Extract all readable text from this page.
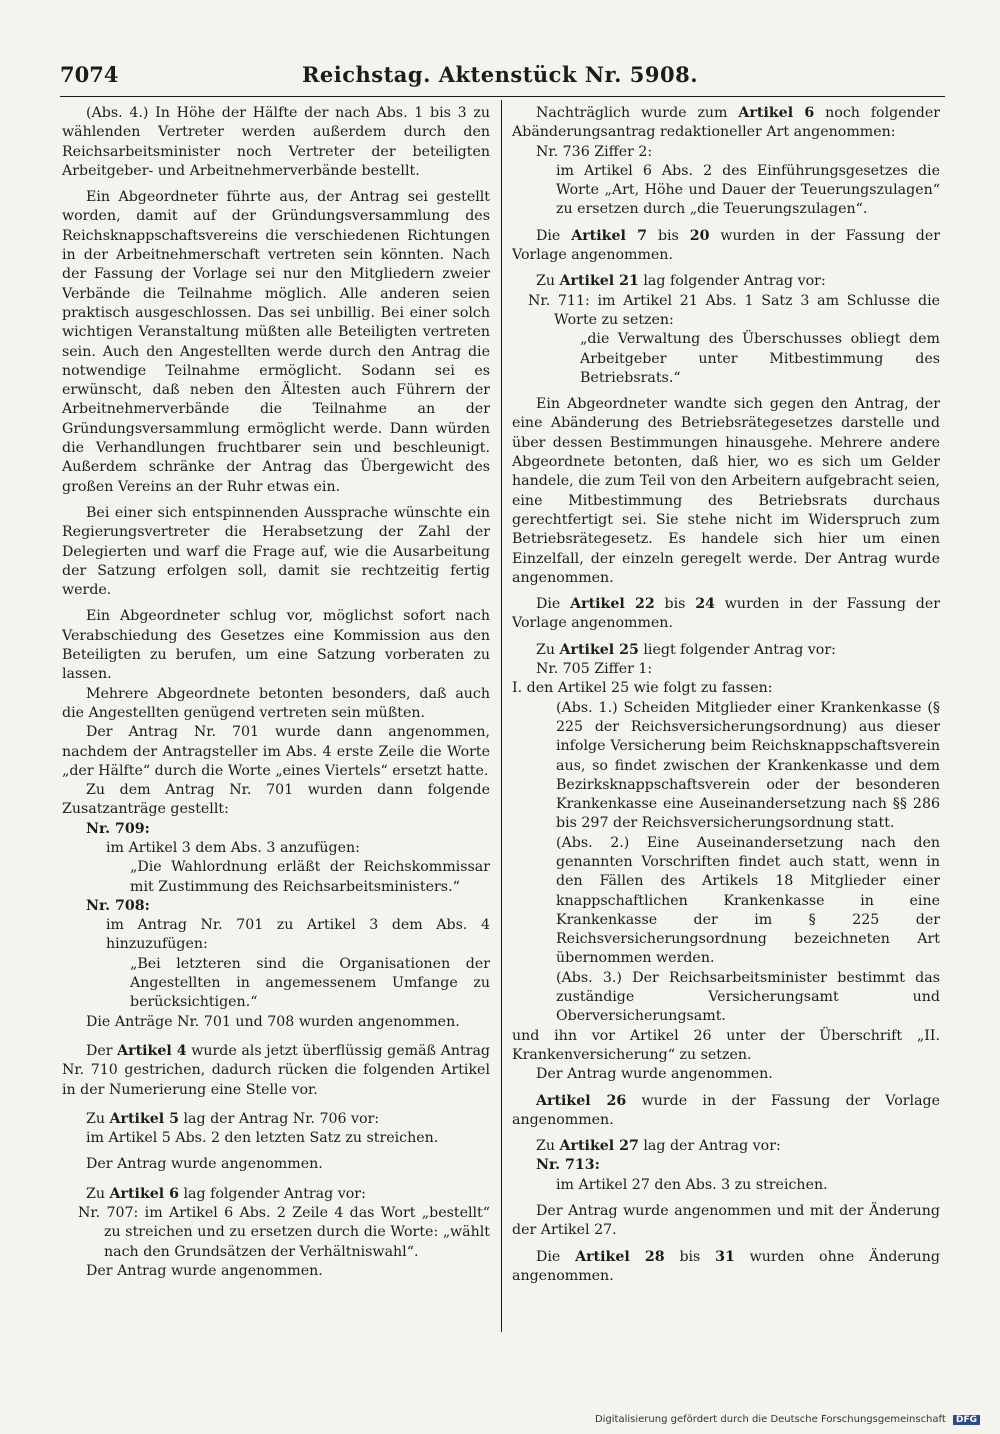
7074	Reichstag. Aktenstück Nr. 5908.

(Abs. 4.) In Höhe der Hälfte der nach Abs. 1 bis 3 zu wählenden Vertreter werden außerdem durch den Reichsarbeitsminister noch Vertreter der beteiligten Arbeitgeber- und Arbeitnehmerverbände bestellt.

Ein Abgeordneter führte aus, der Antrag sei gestellt worden, damit auf der Gründungsversammlung des Reichsknappschaftsvereins die verschiedenen Richtungen in der Arbeitnehmerschaft vertreten sein könnten. Nach der Fassung der Vorlage sei nur den Mitgliedern zweier Verbände die Teilnahme möglich. Alle anderen seien praktisch ausgeschlossen. Das sei unbillig. Bei einer solch wichtigen Veranstaltung müßten alle Beteiligten vertreten sein. Auch den Angestellten werde durch den Antrag die notwendige Teilnahme ermöglicht. Sodann sei es erwünscht, daß neben den Ältesten auch Führern der Arbeitnehmerverbände die Teilnahme an der Gründungsversammlung ermöglicht werde. Dann würden die Verhandlungen fruchtbarer sein und beschleunigt. Außerdem schränke der Antrag das Übergewicht des großen Vereins an der Ruhr etwas ein.

Bei einer sich entspinnenden Aussprache wünschte ein Regierungsvertreter die Herabsetzung der Zahl der Delegierten und warf die Frage auf, wie die Ausarbeitung der Satzung erfolgen soll, damit sie rechtzeitig fertig werde.

Ein Abgeordneter schlug vor, möglichst sofort nach Verabschiedung des Gesetzes eine Kommission aus den Beteiligten zu berufen, um eine Satzung vorberaten zu lassen.

Mehrere Abgeordnete betonten besonders, daß auch die Angestellten genügend vertreten sein müßten.

Der Antrag Nr. 701 wurde dann angenommen, nachdem der Antragsteller im Abs. 4 erste Zeile die Worte „der Hälfte“ durch die Worte „eines Viertels“ ersetzt hatte.

Zu dem Antrag Nr. 701 wurden dann folgende Zusatzanträge gestellt:

Nr. 709:

im Artikel 3 dem Abs. 3 anzufügen:

„Die Wahlordnung erläßt der Reichskommissar mit Zustimmung des Reichsarbeitsministers.“

Nr. 708:

im Antrag Nr. 701 zu Artikel 3 dem Abs. 4 hinzuzufügen:

„Bei letzteren sind die Organisationen der Angestellten in angemessenem Umfange zu berücksichtigen.“

Die Anträge Nr. 701 und 708 wurden angenommen.

Der Artikel 4 wurde als jetzt überflüssig gemäß Antrag Nr. 710 gestrichen, dadurch rücken die folgenden Artikel in der Numerierung eine Stelle vor.

Zu Artikel 5 lag der Antrag Nr. 706 vor:

im Artikel 5 Abs. 2 den letzten Satz zu streichen.

Der Antrag wurde angenommen.

Zu Artikel 6 lag folgender Antrag vor:

Nr. 707: im Artikel 6 Abs. 2 Zeile 4 das Wort „bestellt“ zu streichen und zu ersetzen durch die Worte: „wählt nach den Grundsätzen der Verhältniswahl“.

Der Antrag wurde angenommen.

Nachträglich wurde zum Artikel 6 noch folgender Abänderungsantrag redaktioneller Art angenommen:

Nr. 736 Ziffer 2:

im Artikel 6 Abs. 2 des Einführungsgesetzes die Worte „Art, Höhe und Dauer der Teuerungszulagen“ zu ersetzen durch „die Teuerungszulagen“.

Die Artikel 7 bis 20 wurden in der Fassung der Vorlage angenommen.

Zu Artikel 21 lag folgender Antrag vor:

Nr. 711: im Artikel 21 Abs. 1 Satz 3 am Schlusse die Worte zu setzen:

„die Verwaltung des Überschusses obliegt dem Arbeitgeber unter Mitbestimmung des Betriebsrats.“

Ein Abgeordneter wandte sich gegen den Antrag, der eine Abänderung des Betriebsrätegesetzes darstelle und über dessen Bestimmungen hinausgehe. Mehrere andere Abgeordnete betonten, daß hier, wo es sich um Gelder handele, die zum Teil von den Arbeitern aufgebracht seien, eine Mitbestimmung des Betriebsrats durchaus gerechtfertigt sei. Sie stehe nicht im Widerspruch zum Betriebsrätegesetz. Es handele sich hier um einen Einzelfall, der einzeln geregelt werde. Der Antrag wurde angenommen.

Die Artikel 22 bis 24 wurden in der Fassung der Vorlage angenommen.

Zu Artikel 25 liegt folgender Antrag vor:

Nr. 705 Ziffer 1:

I. den Artikel 25 wie folgt zu fassen:

(Abs. 1.) Scheiden Mitglieder einer Krankenkasse (§ 225 der Reichsversicherungsordnung) aus dieser infolge Versicherung beim Reichsknappschaftsverein aus, so findet zwischen der Krankenkasse und dem Bezirksknappschaftsverein oder der besonderen Krankenkasse eine Auseinandersetzung nach §§ 286 bis 297 der Reichsversicherungsordnung statt.

(Abs. 2.) Eine Auseinandersetzung nach den genannten Vorschriften findet auch statt, wenn in den Fällen des Artikels 18 Mitglieder einer knappschaftlichen Krankenkasse in eine Krankenkasse der im § 225 der Reichsversicherungsordnung bezeichneten Art übernommen werden.

(Abs. 3.) Der Reichsarbeitsminister bestimmt das zuständige Versicherungsamt und Oberversicherungsamt.

und ihn vor Artikel 26 unter der Überschrift „II. Krankenversicherung“ zu setzen.

Der Antrag wurde angenommen.

Artikel 26 wurde in der Fassung der Vorlage angenommen.

Zu Artikel 27 lag der Antrag vor:

Nr. 713:

im Artikel 27 den Abs. 3 zu streichen.

Der Antrag wurde angenommen und mit der Änderung der Artikel 27.

Die Artikel 28 bis 31 wurden ohne Änderung angenommen.

Digitalisierung gefördert durch die Deutsche Forschungsgemeinschaft DFG
